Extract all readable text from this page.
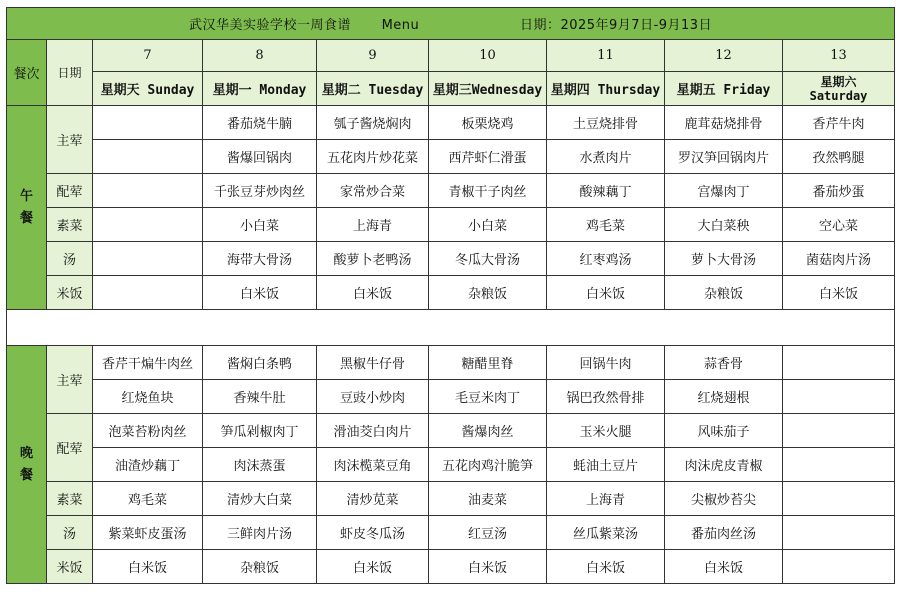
武汉华美实验学校一周食谱 Menu 日期：2025年9月7日-9月13日								
餐次	日期	7	8	9	10	11	12	13
		星期天 Sunday	星期一 Monday	星期二 Tuesday	星期三Wednesday	星期四 Thursday	星期五 Friday	星期六
Saturday

午
餐	主荤		番茄烧牛腩	瓠子酱烧焖肉	板栗烧鸡	土豆烧排骨	鹿茸菇烧排骨	香芹牛肉
			酱爆回锅肉	五花肉片炒花菜	西芹虾仁滑蛋	水煮肉片	罗汉笋回锅肉片	孜然鸭腿
	配荤		千张豆芽炒肉丝	家常炒合菜	青椒干子肉丝	酸辣藕丁	宫爆肉丁	番茄炒蛋
	素菜		小白菜	上海青	小白菜	鸡毛菜	大白菜秧	空心菜
	汤		海带大骨汤	酸萝卜老鸭汤	冬瓜大骨汤	红枣鸡汤	萝卜大骨汤	菌菇肉片汤
	米饭		白米饭	白米饭	杂粮饭	白米饭	杂粮饭	白米饭

晚
餐	主荤	香芹干煸牛肉丝	酱焖白条鸭	黑椒牛仔骨	糖醋里脊	回锅牛肉	蒜香骨	
		红烧鱼块	香辣牛肚	豆豉小炒肉	毛豆米肉丁	锅巴孜然骨排	红烧翅根	
	配荤	泡菜苔粉肉丝	笋瓜剁椒肉丁	滑油茭白肉片	酱爆肉丝	玉米火腿	风味茄子	
		油渣炒藕丁	肉沫蒸蛋	肉沫榄菜豆角	五花肉鸡汁脆笋	蚝油土豆片	肉沫虎皮青椒	
	素菜	鸡毛菜	清炒大白菜	清炒苋菜	油麦菜	上海青	尖椒炒苔尖	
	汤	紫菜虾皮蛋汤	三鲜肉片汤	虾皮冬瓜汤	红豆汤	丝瓜紫菜汤	番茄肉丝汤	
	米饭	白米饭	杂粮饭	白米饭	白米饭	白米饭	白米饭	
